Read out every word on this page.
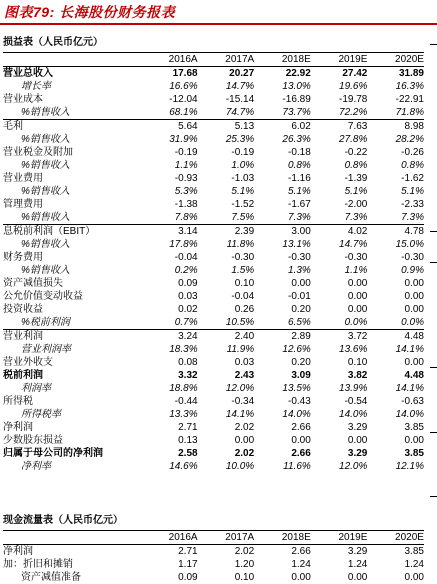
图表79: 长海股份财务报表
损益表（人民币亿元）
2016A	2017A	2018E	2019E	2020E
营业总收入	17.68	20.27	22.92	27.42	31.89
增长率	16.6%	14.7%	13.0%	19.6%	16.3%
营业成本	-12.04	-15.14	-16.89	-19.78	-22.91
%销售收入	68.1%	74.7%	73.7%	72.2%	71.8%
毛利	5.64	5.13	6.02	7.63	8.98
%销售收入	31.9%	25.3%	26.3%	27.8%	28.2%
营业税金及附加	-0.19	-0.19	-0.18	-0.22	-0.26
%销售收入	1.1%	1.0%	0.8%	0.8%	0.8%
营业费用	-0.93	-1.03	-1.16	-1.39	-1.62
%销售收入	5.3%	5.1%	5.1%	5.1%	5.1%
管理费用	-1.38	-1.52	-1.67	-2.00	-2.33
%销售收入	7.8%	7.5%	7.3%	7.3%	7.3%
息税前利润（EBIT）	3.14	2.39	3.00	4.02	4.78
%销售收入	17.8%	11.8%	13.1%	14.7%	15.0%
财务费用	-0.04	-0.30	-0.30	-0.30	-0.30
%销售收入	0.2%	1.5%	1.3%	1.1%	0.9%
资产减值损失	0.09	0.10	0.00	0.00	0.00
公允价值变动收益	0.03	-0.04	-0.01	0.00	0.00
投资收益	0.02	0.26	0.20	0.00	0.00
%税前利润	0.7%	10.5%	6.5%	0.0%	0.0%
营业利润	3.24	2.40	2.89	3.72	4.48
营业利润率	18.3%	11.9%	12.6%	13.6%	14.1%
营业外收支	0.08	0.03	0.20	0.10	0.00
税前利润	3.32	2.43	3.09	3.82	4.48
利润率	18.8%	12.0%	13.5%	13.9%	14.1%
所得税	-0.44	-0.34	-0.43	-0.54	-0.63
所得税率	13.3%	14.1%	14.0%	14.0%	14.0%
净利润	2.71	2.02	2.66	3.29	3.85
少数股东损益	0.13	0.00	0.00	0.00	0.00
归属于母公司的净利润	2.58	2.02	2.66	3.29	3.85
净利率	14.6%	10.0%	11.6%	12.0%	12.1%
现金流量表（人民币亿元）
2016A	2017A	2018E	2019E	2020E
净利润	2.71	2.02	2.66	3.29	3.85
加：折旧和摊销	1.17	1.20	1.24	1.24	1.24
资产减值准备	0.09	0.10	0.00	0.00	0.00
